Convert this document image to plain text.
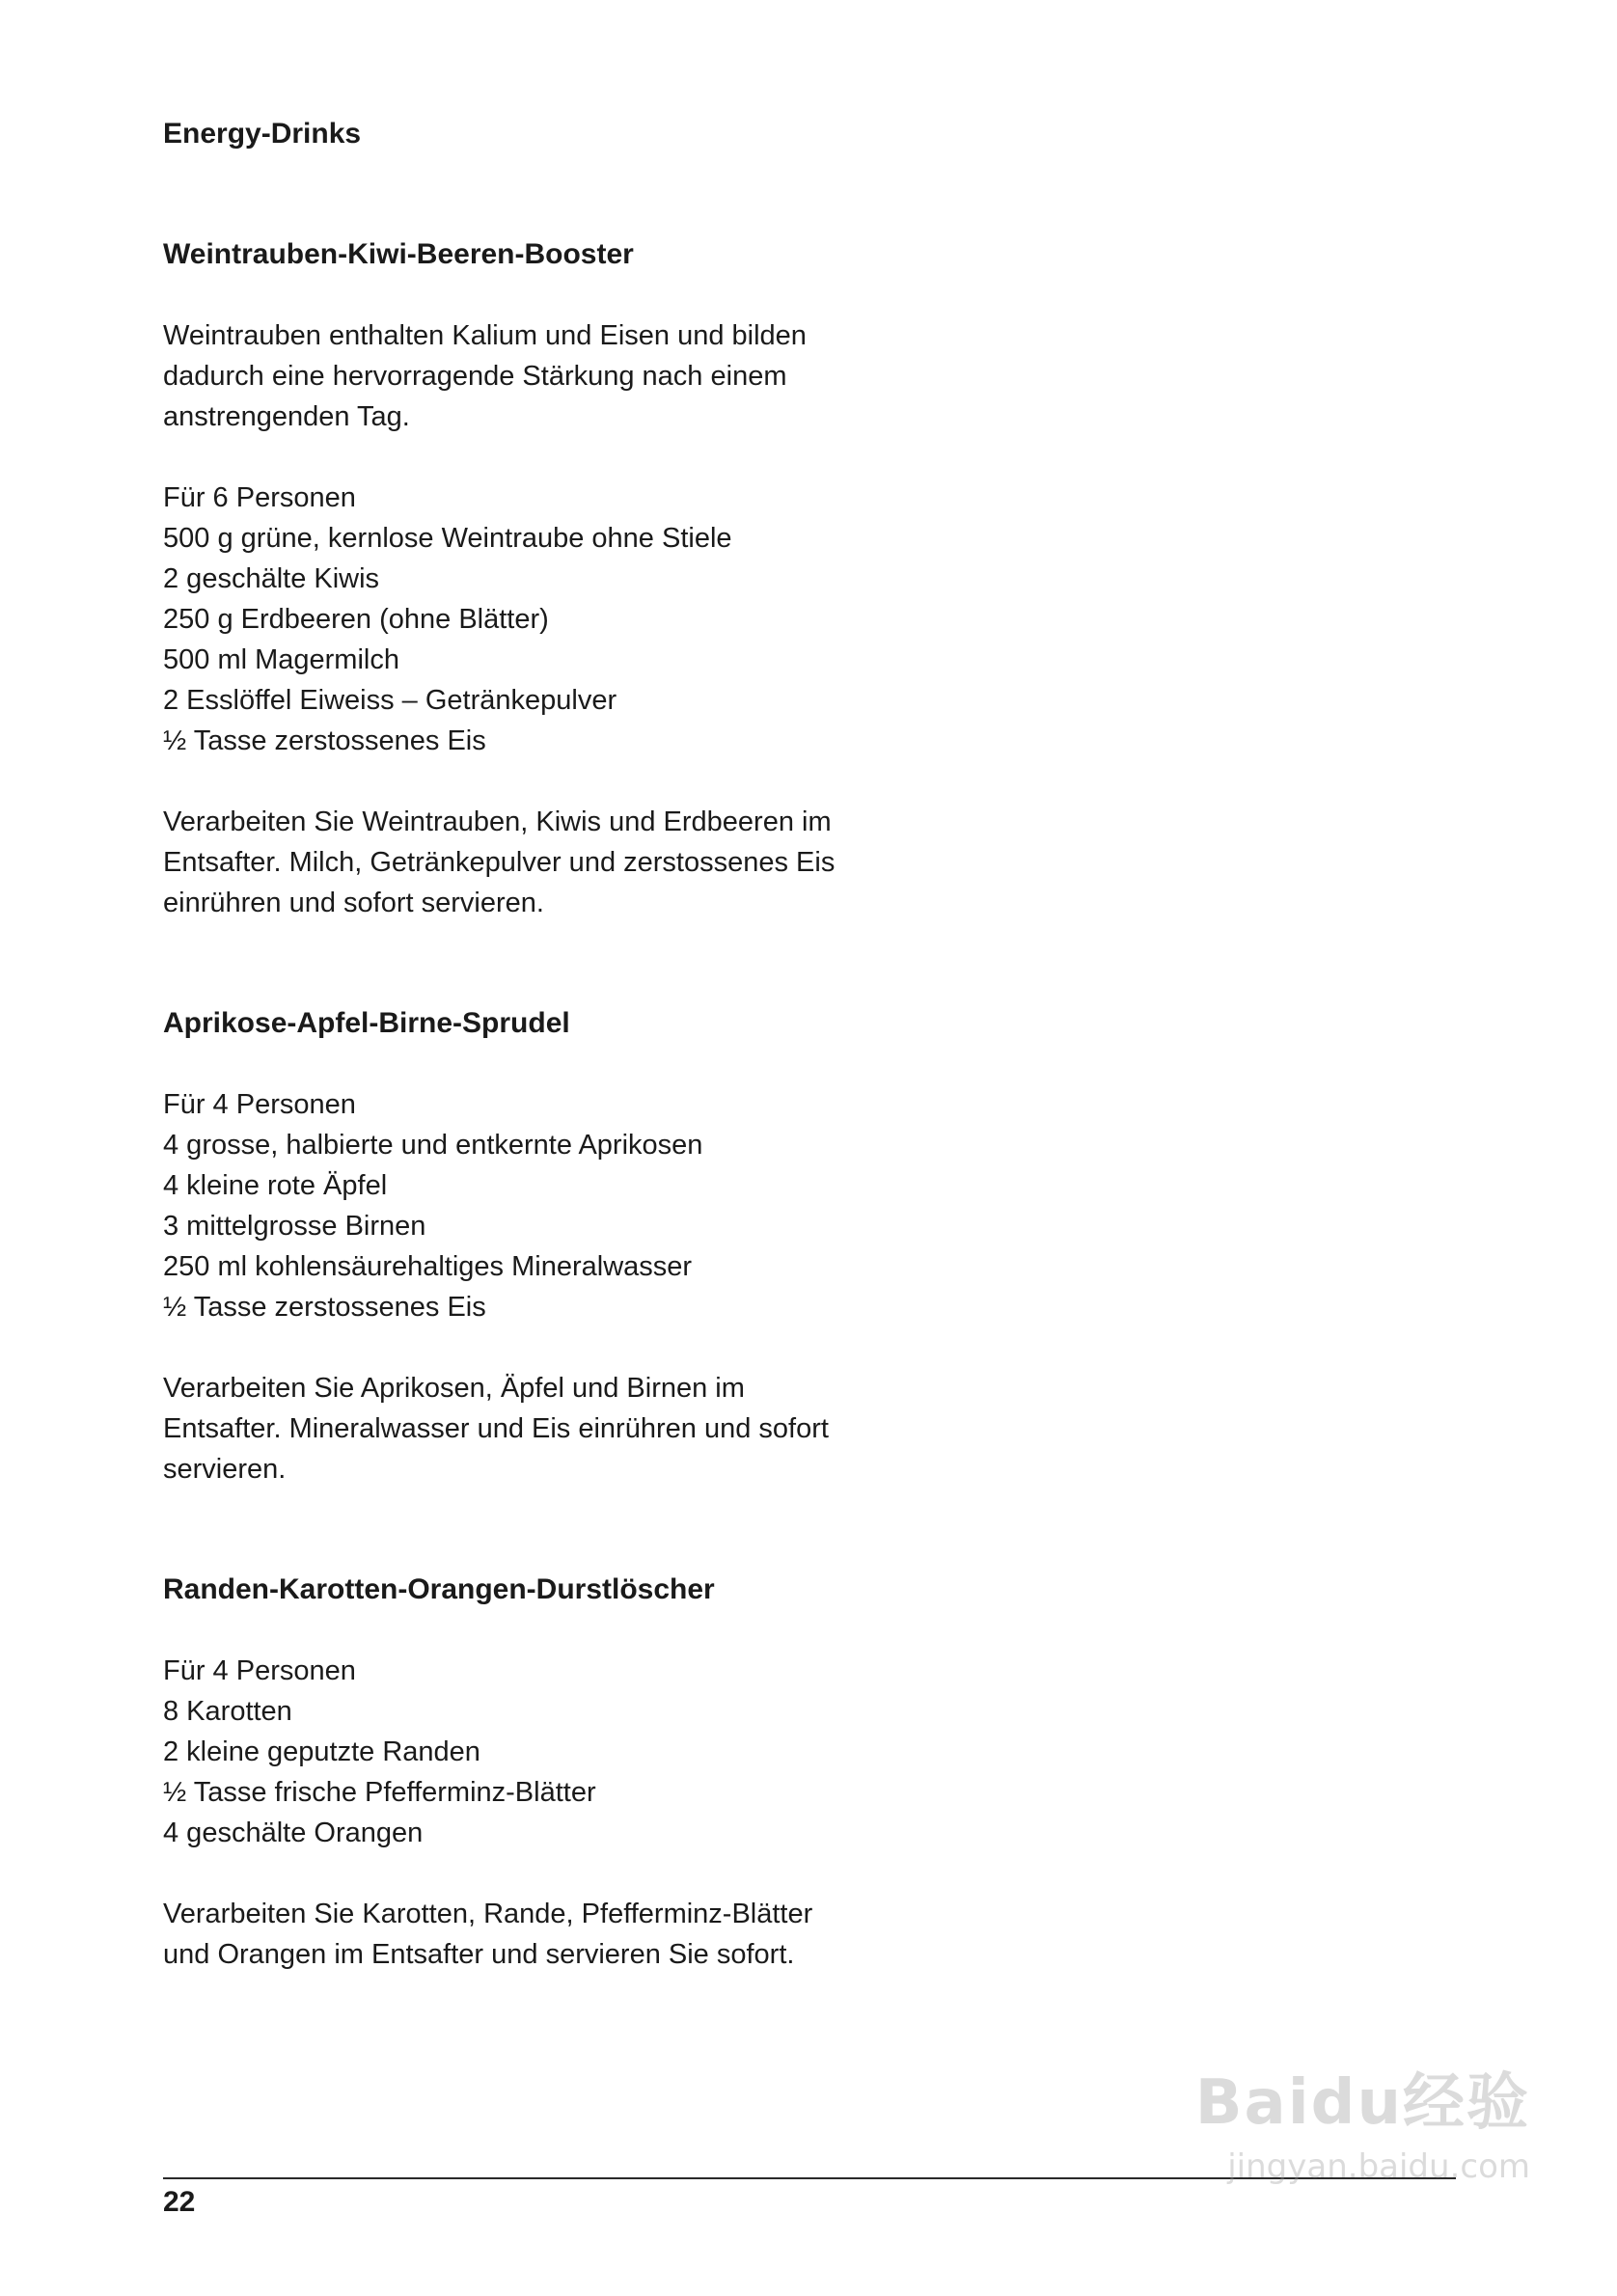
Energy-Drinks
Weintrauben-Kiwi-Beeren-Booster
Weintrauben enthalten Kalium und Eisen und bilden
dadurch eine hervorragende Stärkung nach einem
anstrengenden Tag.
Für 6 Personen
500 g grüne, kernlose Weintraube ohne Stiele
2 geschälte Kiwis
250 g Erdbeeren (ohne Blätter)
500 ml Magermilch
2 Esslöffel Eiweiss – Getränkepulver
½ Tasse zerstossenes Eis
Verarbeiten Sie Weintrauben, Kiwis und Erdbeeren im
Entsafter. Milch, Getränkepulver und zerstossenes Eis
einrühren und sofort servieren.
Aprikose-Apfel-Birne-Sprudel
Für 4 Personen
4 grosse, halbierte und entkernte Aprikosen
4 kleine rote Äpfel
3 mittelgrosse Birnen
250 ml kohlensäurehaltiges Mineralwasser
½ Tasse zerstossenes Eis
Verarbeiten Sie Aprikosen, Äpfel und Birnen im
Entsafter. Mineralwasser und Eis einrühren und sofort
servieren.
Randen-Karotten-Orangen-Durstlöscher
Für 4 Personen
8 Karotten
2 kleine geputzte Randen
½ Tasse frische Pfefferminz-Blätter
4 geschälte Orangen
Verarbeiten Sie Karotten, Rande, Pfefferminz-Blätter
und Orangen im Entsafter und servieren Sie sofort.
22
Baidu经验
jingyan.baidu.com
